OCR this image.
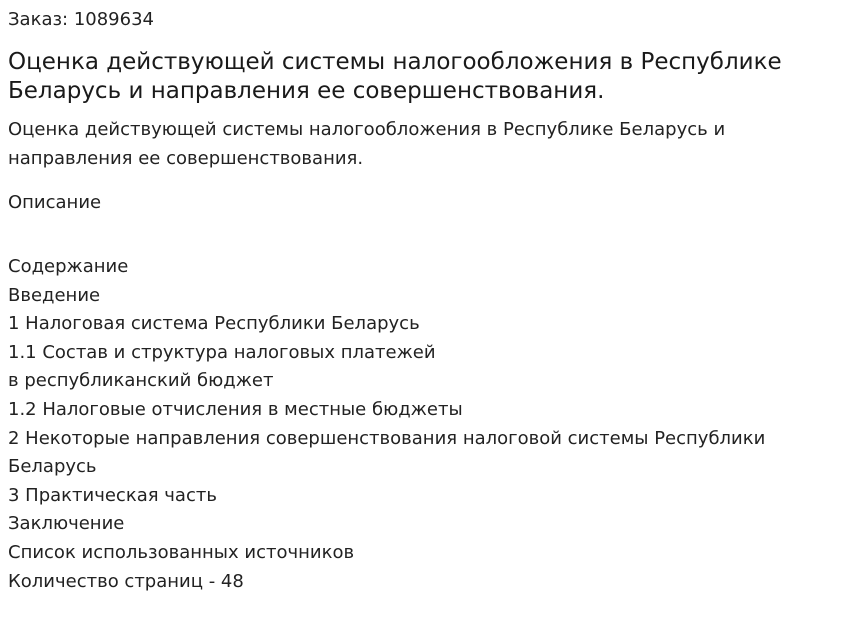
Заказ: 1089634

Оценка действующей системы налогообложения в Республике Беларусь и направления ее совершенствования.

Оценка действующей системы налогообложения в Республике Беларусь и направления ее совершенствования.

Описание

Содержание
Введение
1 Налоговая система Республики Беларусь
1.1 Состав и структура налоговых платежей
в республиканский бюджет
1.2 Налоговые отчисления в местные бюджеты
2 Некоторые направления совершенствования налоговой системы Республики Беларусь
3 Практическая часть
Заключение
Список использованных источников
Количество страниц - 48
